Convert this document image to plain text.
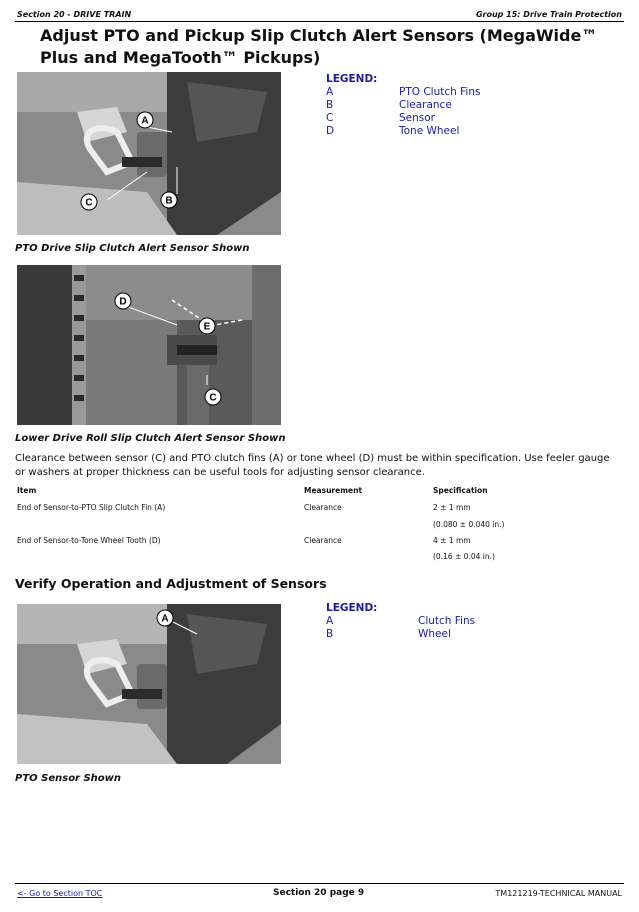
Section 20 - DRIVE TRAIN	Group 15: Drive Train Protection
Adjust PTO and Pickup Slip Clutch Alert Sensors (MegaWide™ Plus and MegaTooth™ Pickups)
A
C	B
LEGEND:
A	PTO Clutch Fins
B	Clearance
C	Sensor
D	Tone Wheel
PTO Drive Slip Clutch Alert Sensor Shown
D
E
C
Lower Drive Roll Slip Clutch Alert Sensor Shown
Clearance between sensor (C) and PTO clutch fins (A) or tone wheel (D) must be within specification. Use feeler gauge or washers at proper thickness can be useful tools for adjusting sensor clearance.
Item	Measurement	Specification
End of Sensor-to-PTO Slip Clutch Fin (A)	Clearance	2 ± 1 mm
(0.080 ± 0.040 in.)
End of Sensor-to-Tone Wheel Tooth (D)	Clearance	4 ± 1 mm
(0.16 ± 0.04 in.)
Verify Operation and Adjustment of Sensors
A
LEGEND:
A	Clutch Fins
B	Wheel
PTO Sensor Shown
<- Go to Section TOC	Section 20 page 9	TM121219-TECHNICAL MANUAL
